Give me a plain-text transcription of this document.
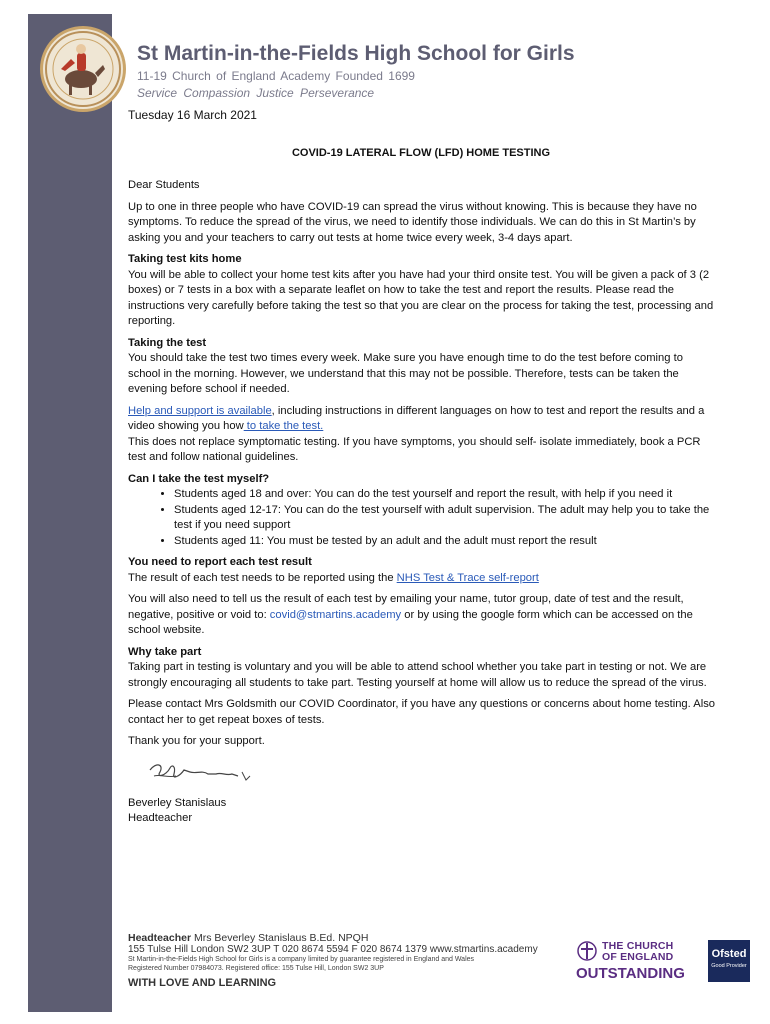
St Martin-in-the-Fields High School for Girls
11-19 Church of England Academy Founded 1699
Service Compassion Justice Perseverance
Tuesday 16 March 2021
COVID-19 LATERAL FLOW (LFD) HOME TESTING

Dear Students

Up to one in three people who have COVID-19 can spread the virus without knowing. This is because they have no symptoms. To reduce the spread of the virus, we need to identify those individuals. We can do this in St Martin’s by asking you and your teachers to carry out tests at home twice every week, 3-4 days apart.

Taking test kits home

You will be able to collect your home test kits after you have had your third onsite test. You will be given a pack of 3 (2 boxes) or 7 tests in a box with a separate leaflet on how to take the test and report the results. Please read the instructions very carefully before taking the test so that you are clear on the process for taking the test, processing and reporting.

Taking the test

You should take the test two times every week. Make sure you have enough time to do the test before coming to school in the morning. However, we understand that this may not be possible. Therefore, tests can be taken the evening before school if needed.

Help and support is available, including instructions in different languages on how to test and report the results and a video showing you how to take the test.

This does not replace symptomatic testing. If you have symptoms, you should self- isolate immediately, book a PCR test and follow national guidelines.

Can I take the test myself?

• Students aged 18 and over: You can do the test yourself and report the result, with help if you need it
• Students aged 12-17: You can do the test yourself with adult supervision. The adult may help you to take the test if you need support
• Students aged 11: You must be tested by an adult and the adult must report the result

You need to report each test result

The result of each test needs to be reported using the NHS Test & Trace self-report

You will also need to tell us the result of each test by emailing your name, tutor group, date of test and the result, negative, positive or void to: covid@stmartins.academy or by using the google form which can be accessed on the school website.

Why take part

Taking part in testing is voluntary and you will be able to attend school whether you take part in testing or not. We are strongly encouraging all students to take part. Testing yourself at home will allow us to reduce the spread of the virus.

Please contact Mrs Goldsmith our COVID Coordinator, if you have any questions or concerns about home testing. Also contact her to get repeat boxes of tests.

Thank you for your support.

Beverley Stanislaus

Headteacher

Headteacher Mrs Beverley Stanislaus B.Ed. NPQH
155 Tulse Hill London SW2 3UP T 020 8674 5594 F 020 8674 1379 www.stmartins.academy
St Martin-in-the-Fields High School for Girls is a company limited by guarantee registered in England and Wales
Registered Number 07984073. Registered office: 155 Tulse Hill, London SW2 3UP
WITH LOVE AND LEARNING
THE CHURCH
OF ENGLAND
OUTSTANDING
Ofsted
Good Provider
